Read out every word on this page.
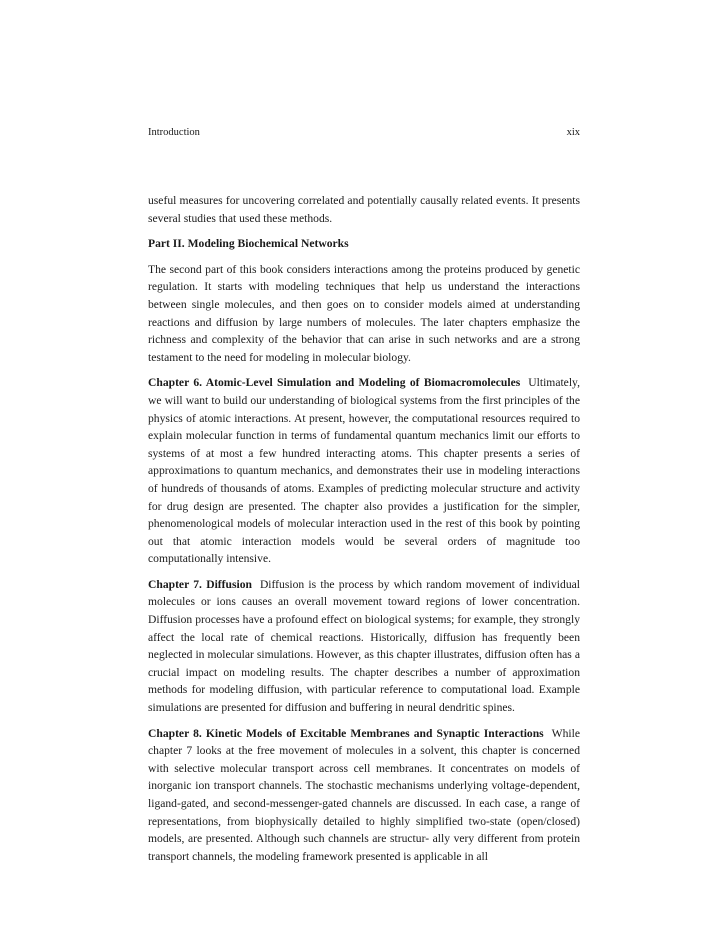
Introduction	xix

useful measures for uncovering correlated and potentially causally related events. It presents several studies that used these methods.

Part II. Modeling Biochemical Networks

The second part of this book considers interactions among the proteins produced by genetic regulation. It starts with modeling techniques that help us understand the interactions between single molecules, and then goes on to consider models aimed at understanding reactions and diffusion by large numbers of molecules. The later chapters emphasize the richness and complexity of the behavior that can arise in such networks and are a strong testament to the need for modeling in molecular biology.

Chapter 6. Atomic-Level Simulation and Modeling of Biomacromolecules Ultimately, we will want to build our understanding of biological systems from the first principles of the physics of atomic interactions. At present, however, the computational resources required to explain molecular function in terms of fundamental quantum mechanics limit our efforts to systems of at most a few hundred interacting atoms. This chapter presents a series of approximations to quantum mechanics, and demonstrates their use in modeling interactions of hundreds of thousands of atoms. Examples of predicting molecular structure and activity for drug design are presented. The chapter also provides a justification for the simpler, phenomenological models of molecular interaction used in the rest of this book by pointing out that atomic interaction models would be several orders of magnitude too computationally intensive.

Chapter 7. Diffusion Diffusion is the process by which random movement of individual molecules or ions causes an overall movement toward regions of lower concentration. Diffusion processes have a profound effect on biological systems; for example, they strongly affect the local rate of chemical reactions. Historically, diffusion has frequently been neglected in molecular simulations. However, as this chapter illustrates, diffusion often has a crucial impact on modeling results. The chapter describes a number of approximation methods for modeling diffusion, with particular reference to computational load. Example simulations are presented for diffusion and buffering in neural dendritic spines.

Chapter 8. Kinetic Models of Excitable Membranes and Synaptic Interactions While chapter 7 looks at the free movement of molecules in a solvent, this chapter is concerned with selective molecular transport across cell membranes. It concentrates on models of inorganic ion transport channels. The stochastic mechanisms underlying voltage-dependent, ligand-gated, and second-messenger-gated channels are discussed. In each case, a range of representations, from biophysically detailed to highly simplified two-state (open/closed) models, are presented. Although such channels are structur- ally very different from protein transport channels, the modeling framework presented is applicable in all
